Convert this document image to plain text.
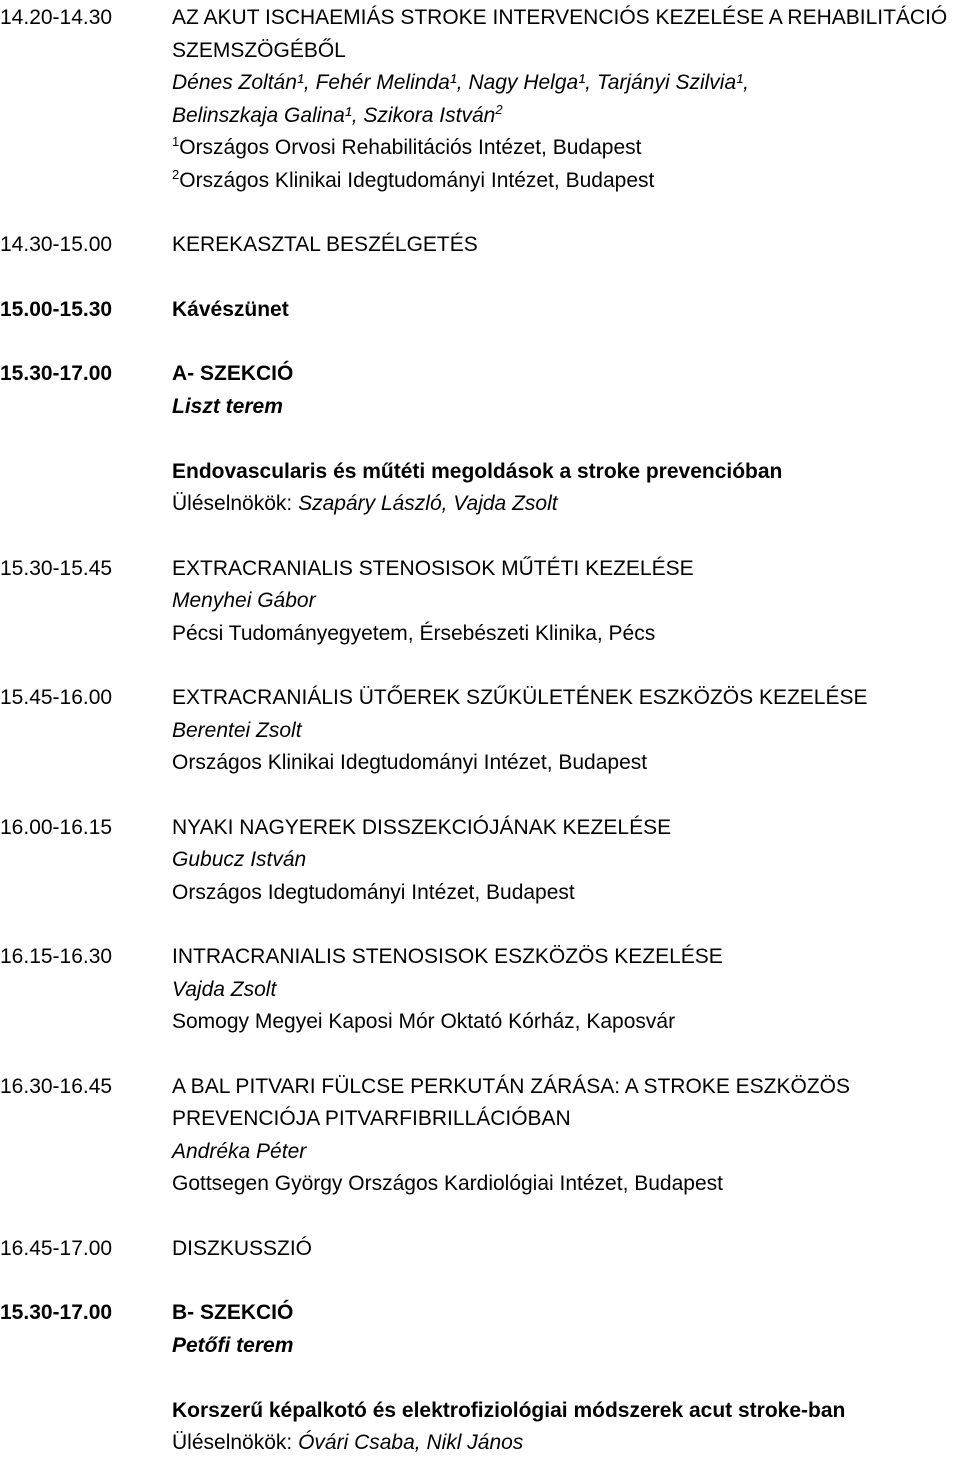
14.20-14.30	AZ AKUT ISCHAEMIÁS STROKE INTERVENCIÓS KEZELÉSE A REHABILITÁCIÓ
SZEMSZÖGÉBŐL
Dénes Zoltán¹, Fehér Melinda¹, Nagy Helga¹, Tarjányi Szilvia¹,
Belinszkaja Galina¹, Szikora István$^2$
$^1$Országos Orvosi Rehabilitációs Intézet, Budapest
$^2$Országos Klinikai Idegtudományi Intézet, Budapest
14.30-15.00	KEREKASZTAL BESZÉLGETÉS
15.00-15.30	Kávészünet
15.30-17.00	A- SZEKCIÓ
Liszt terem

Endovascularis és műtéti megoldások a stroke prevencióban
Üléselnökök: Szapáry László, Vajda Zsolt
15.30-15.45	EXTRACRANIALIS STENOSISOK MŰTÉTI KEZELÉSE
Menyhei Gábor
Pécsi Tudományegyetem, Érsebészeti Klinika, Pécs
15.45-16.00	EXTRACRANIÁLIS ÜTŐEREK SZŰKÜLETÉNEK ESZKÖZÖS KEZELÉSE
Berentei Zsolt
Országos Klinikai Idegtudományi Intézet, Budapest
16.00-16.15	NYAKI NAGYEREK DISSZEKCIÓJÁNAK KEZELÉSE
Gubucz István
Országos Idegtudományi Intézet, Budapest
16.15-16.30	INTRACRANIALIS STENOSISOK ESZKÖZÖS KEZELÉSE
Vajda Zsolt
Somogy Megyei Kaposi Mór Oktató Kórház, Kaposvár
16.30-16.45	A BAL PITVARI FÜLCSE PERKUTÁN ZÁRÁSA: A STROKE ESZKÖZÖS
PREVENCIÓJA PITVARFIBRILLÁCIÓBAN
Andréka Péter
Gottsegen György Országos Kardiológiai Intézet, Budapest
16.45-17.00	DISZKUSSZIÓ
15.30-17.00	B- SZEKCIÓ
Petőfi terem

Korszerű képalkotó és elektrofiziológiai módszerek acut stroke-ban
Üléselnökök: Óvári Csaba, Nikl János
